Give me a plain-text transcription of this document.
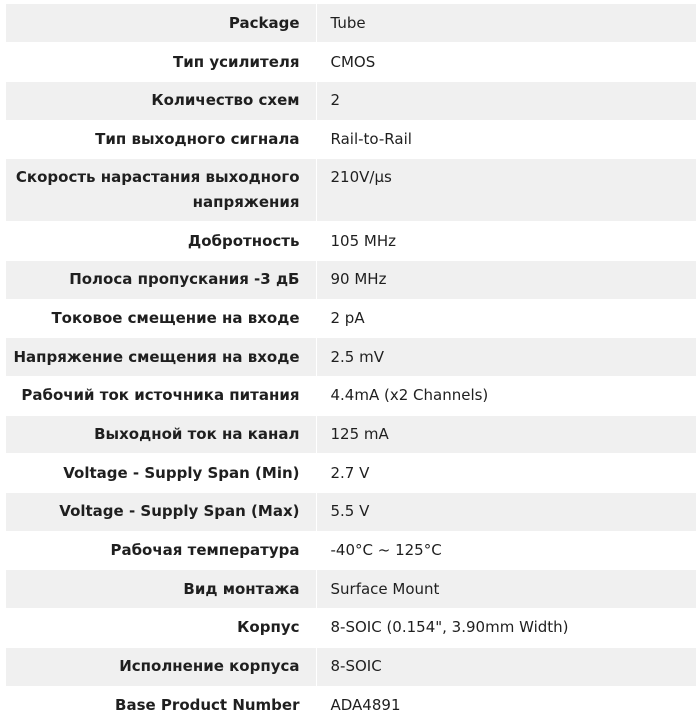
Package	Tube
Тип усилителя	CMOS
Количество схем	2
Тип выходного сигнала	Rail-to-Rail
Скорость нарастания выходного напряжения	210V/µs
Добротность	105 MHz
Полоса пропускания -3 дБ	90 MHz
Токовое смещение на входе	2 pA
Напряжение смещения на входе	2.5 mV
Рабочий ток источника питания	4.4mA (x2 Channels)
Выходной ток на канал	125 mA
Voltage - Supply Span (Min)	2.7 V
Voltage - Supply Span (Max)	5.5 V
Рабочая температура	-40°C ~ 125°C
Вид монтажа	Surface Mount
Корпус	8-SOIC (0.154", 3.90mm Width)
Исполнение корпуса	8-SOIC
Base Product Number	ADA4891
